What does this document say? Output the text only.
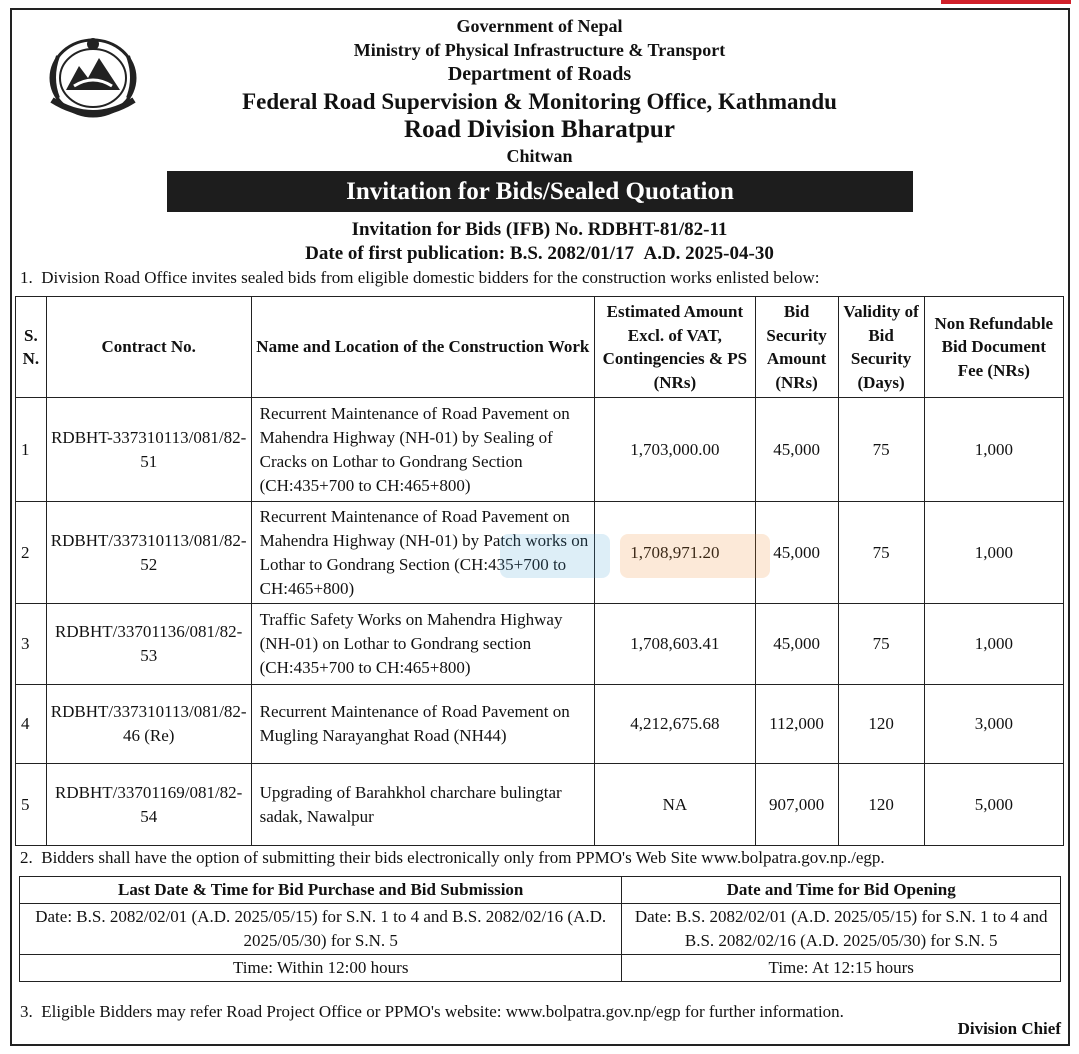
Government of Nepal
Ministry of Physical Infrastructure & Transport
Department of Roads
Federal Road Supervision & Monitoring Office, Kathmandu
Road Division Bharatpur
Chitwan
Invitation for Bids/Sealed Quotation
Invitation for Bids (IFB) No. RDBHT-81/82-11
Date of first publication: B.S. 2082/01/17  A.D. 2025-04-30
1.  Division Road Office invites sealed bids from eligible domestic bidders for the construction works enlisted below:
S. N.	Contract No.	Name and Location of the Construction Work	Estimated Amount Excl. of VAT, Contingencies & PS (NRs)	Bid Security Amount (NRs)	Validity of Bid Security (Days)	Non Refundable Bid Document Fee (NRs)
1	RDBHT-337310113/081/82-51	Recurrent Maintenance of Road Pavement on Mahendra Highway (NH-01) by Sealing of Cracks on Lothar to Gondrang Section (CH:435+700 to CH:465+800)	1,703,000.00	45,000	75	1,000
2	RDBHT/337310113/081/82-52	Recurrent Maintenance of Road Pavement on Mahendra Highway (NH-01) by Patch works on Lothar to Gondrang Section (CH:435+700 to CH:465+800)	1,708,971.20	45,000	75	1,000
3	RDBHT/33701136/081/82-53	Traffic Safety Works on Mahendra Highway (NH-01) on Lothar to Gondrang section (CH:435+700 to CH:465+800)	1,708,603.41	45,000	75	1,000
4	RDBHT/337310113/081/82-46 (Re)	Recurrent Maintenance of Road Pavement on Mugling Narayanghat Road (NH44)	4,212,675.68	112,000	120	3,000
5	RDBHT/33701169/081/82-54	Upgrading of Barahkhol charchare bulingtar sadak, Nawalpur	NA	907,000	120	5,000
2.  Bidders shall have the option of submitting their bids electronically only from PPMO's Web Site www.bolpatra.gov.np./egp.
Last Date & Time for Bid Purchase and Bid Submission	Date and Time for Bid Opening
Date: B.S. 2082/02/01 (A.D. 2025/05/15) for S.N. 1 to 4 and B.S. 2082/02/16 (A.D. 2025/05/30) for S.N. 5	Date: B.S. 2082/02/01 (A.D. 2025/05/15) for S.N. 1 to 4 and B.S. 2082/02/16 (A.D. 2025/05/30) for S.N. 5
Time: Within 12:00 hours	Time: At 12:15 hours
3.  Eligible Bidders may refer Road Project Office or PPMO's website: www.bolpatra.gov.np/egp for further information.
Division Chief
